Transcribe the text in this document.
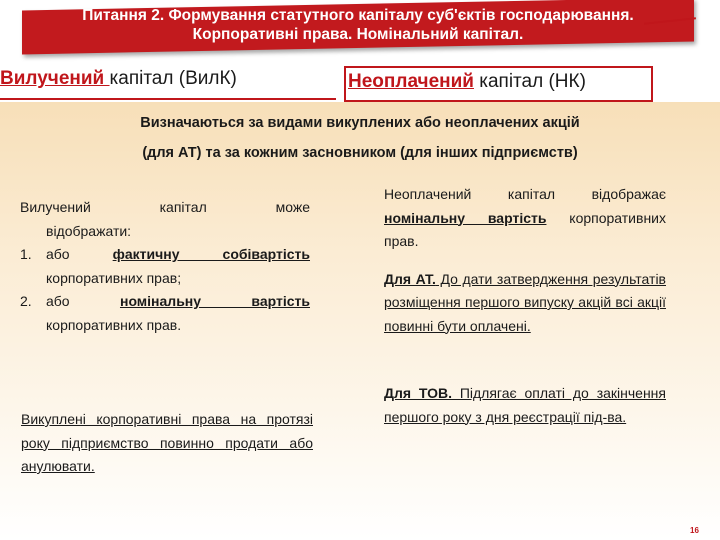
Питання 2. Формування статутного капіталу суб'єктів господарювання.
Корпоративні права. Номінальний капітал.
Вилучений капітал (ВилК)	Неоплачений капітал (НК)
Визначаються за видами викуплених або неоплачених акцій
(для АТ) та за кожним засновником (для інших підприємств)
Вилучений капітал може
відображати:
1.	або фактичну собівартість
корпоративних прав;
2.	або номінальну вартість
корпоративних прав.
Викуплені корпоративні права на протязі року підприємство повинно продати або анулювати.
Неоплачений капітал відображає номінальну вартість корпоративних прав.
Для АТ. До дати затвердження результатів розміщення першого випуску акцій всі акції повинні бути оплачені.
Для ТОВ. Підлягає оплаті до закінчення першого року з дня реєстрації під-ва.
16
